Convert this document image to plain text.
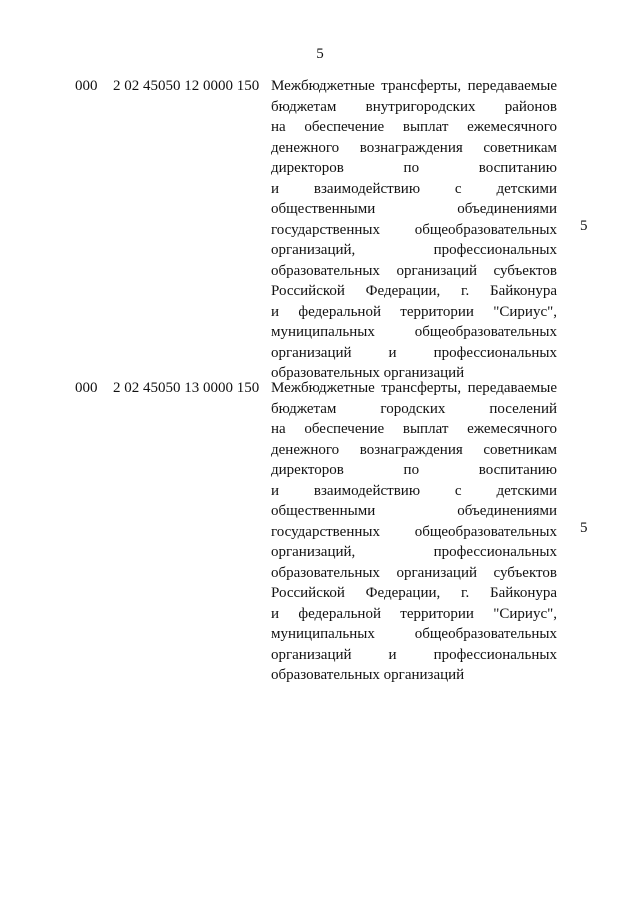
5
000 2 02 45050 12 0000 150 Межбюджетные трансферты, передаваемые
бюджетам внутригородских районов
на обеспечение выплат ежемесячного
денежного вознаграждения советникам
директоров по воспитанию
и взаимодействию с детскими
общественными объединениями
государственных общеобразовательных
организаций, профессиональных
образовательных организаций субъектов
Российской Федерации, г. Байконура
и федеральной территории "Сириус",
муниципальных общеобразовательных
организаций и профессиональных
образовательных организаций
5
000 2 02 45050 13 0000 150 Межбюджетные трансферты, передаваемые
бюджетам городских поселений
на обеспечение выплат ежемесячного
денежного вознаграждения советникам
директоров по воспитанию
и взаимодействию с детскими
общественными объединениями
государственных общеобразовательных
организаций, профессиональных
образовательных организаций субъектов
Российской Федерации, г. Байконура
и федеральной территории "Сириус",
муниципальных общеобразовательных
организаций и профессиональных
образовательных организаций
5
